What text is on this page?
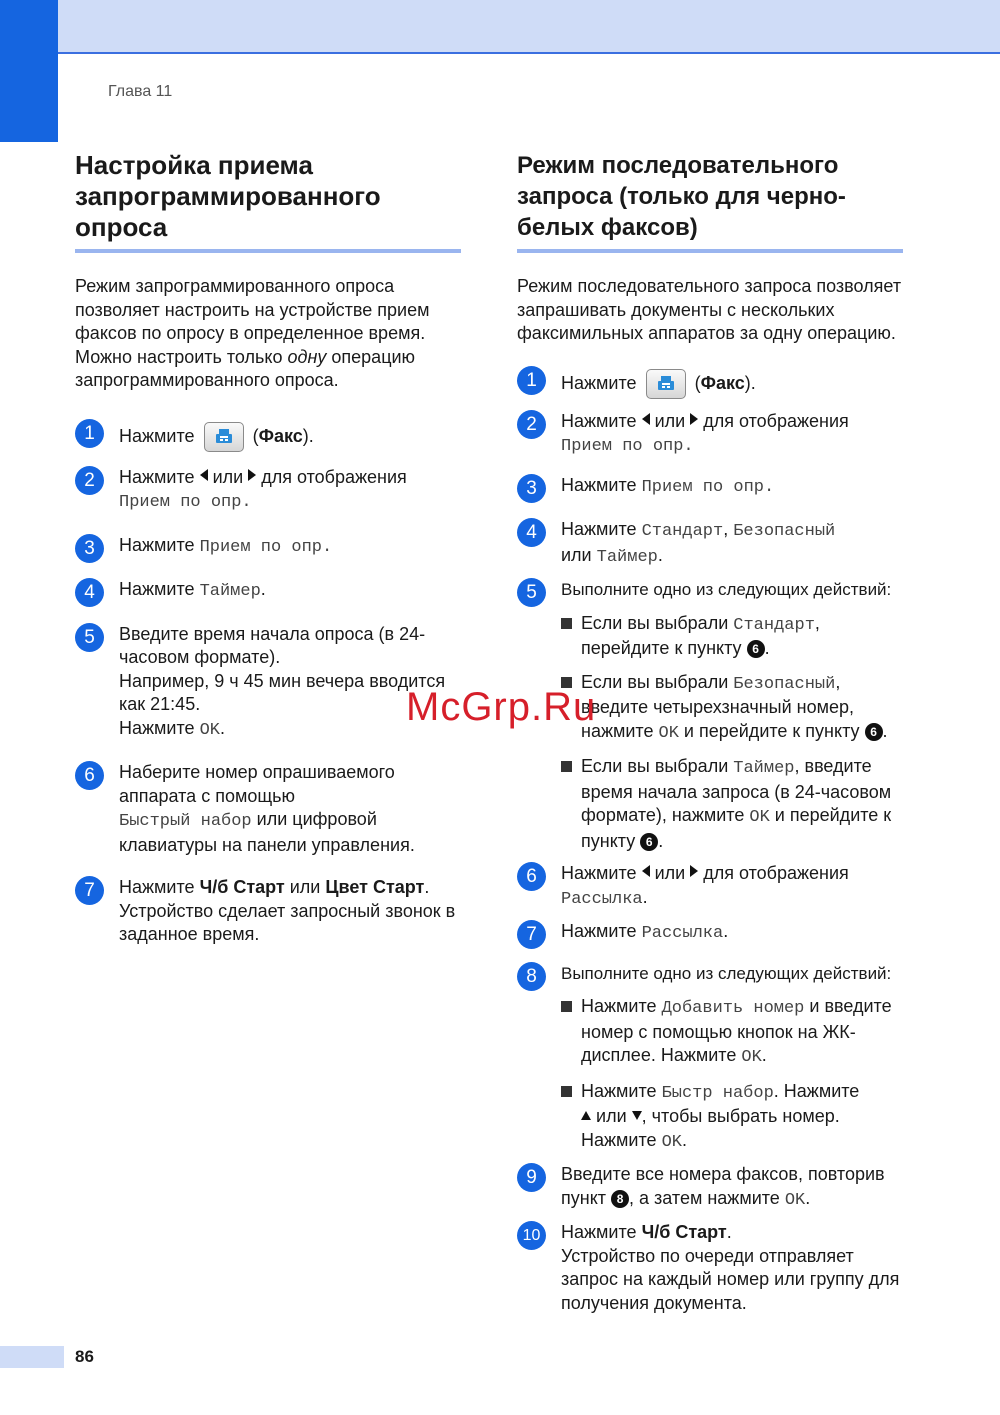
Глава 11
Настройка приема запрограммированного опроса

Режим запрограммированного опроса позволяет настроить на устройстве прием факсов по опросу в определенное время. Можно настроить только одну операцию запрограммированного опроса.

1	Нажмите	(Факс).
2	Нажмите или для отображения
Прием по опр.
3	Нажмите Прием по опр.
4	Нажмите Таймер.
5	Введите время начала опроса (в 24-часовом формате).
Например, 9 ч 45 мин вечера вводится как 21:45.
Нажмите OK.
6	Наберите номер опрашиваемого аппарата с помощью
Быстрый набор или цифровой клавиатуры на панели управления.
7	Нажмите Ч/б Старт или Цвет Старт.
Устройство сделает запросный звонок в заданное время.
Режим последовательного запроса (только для черно-белых факсов)

Режим последовательного запроса позволяет запрашивать документы с нескольких факсимильных аппаратов за одну операцию.

1	Нажмите	(Факс).
2	Нажмите или для отображения
Прием по опр.
3	Нажмите Прием по опр.
4	Нажмите Стандарт, Безопасный
или Таймер.
5	Выполните одно из следующих действий:
Если вы выбрали Стандарт, перейдите к пункту 6 .
Если вы выбрали Безопасный, введите четырехзначный номер, нажмите OK и перейдите к пункту 6 .
Если вы выбрали Таймер, введите время начала запроса (в 24-часовом формате), нажмите OK и перейдите к пункту 6 .
6	Нажмите или для отображения
Рассылка.
7	Нажмите Рассылка.
8	Выполните одно из следующих действий:
Нажмите Добавить номер и введите номер с помощью кнопок на ЖК-дисплее. Нажмите OK.
Нажмите Быстр набор. Нажмите
или , чтобы выбрать номер.
Нажмите OK.
9	Введите все номера факсов, повторив пункт 8 , а затем нажмите OK.
10	Нажмите Ч/б Старт.
Устройство по очереди отправляет запрос на каждый номер или группу для получения документа.
McGrp.Ru
86
